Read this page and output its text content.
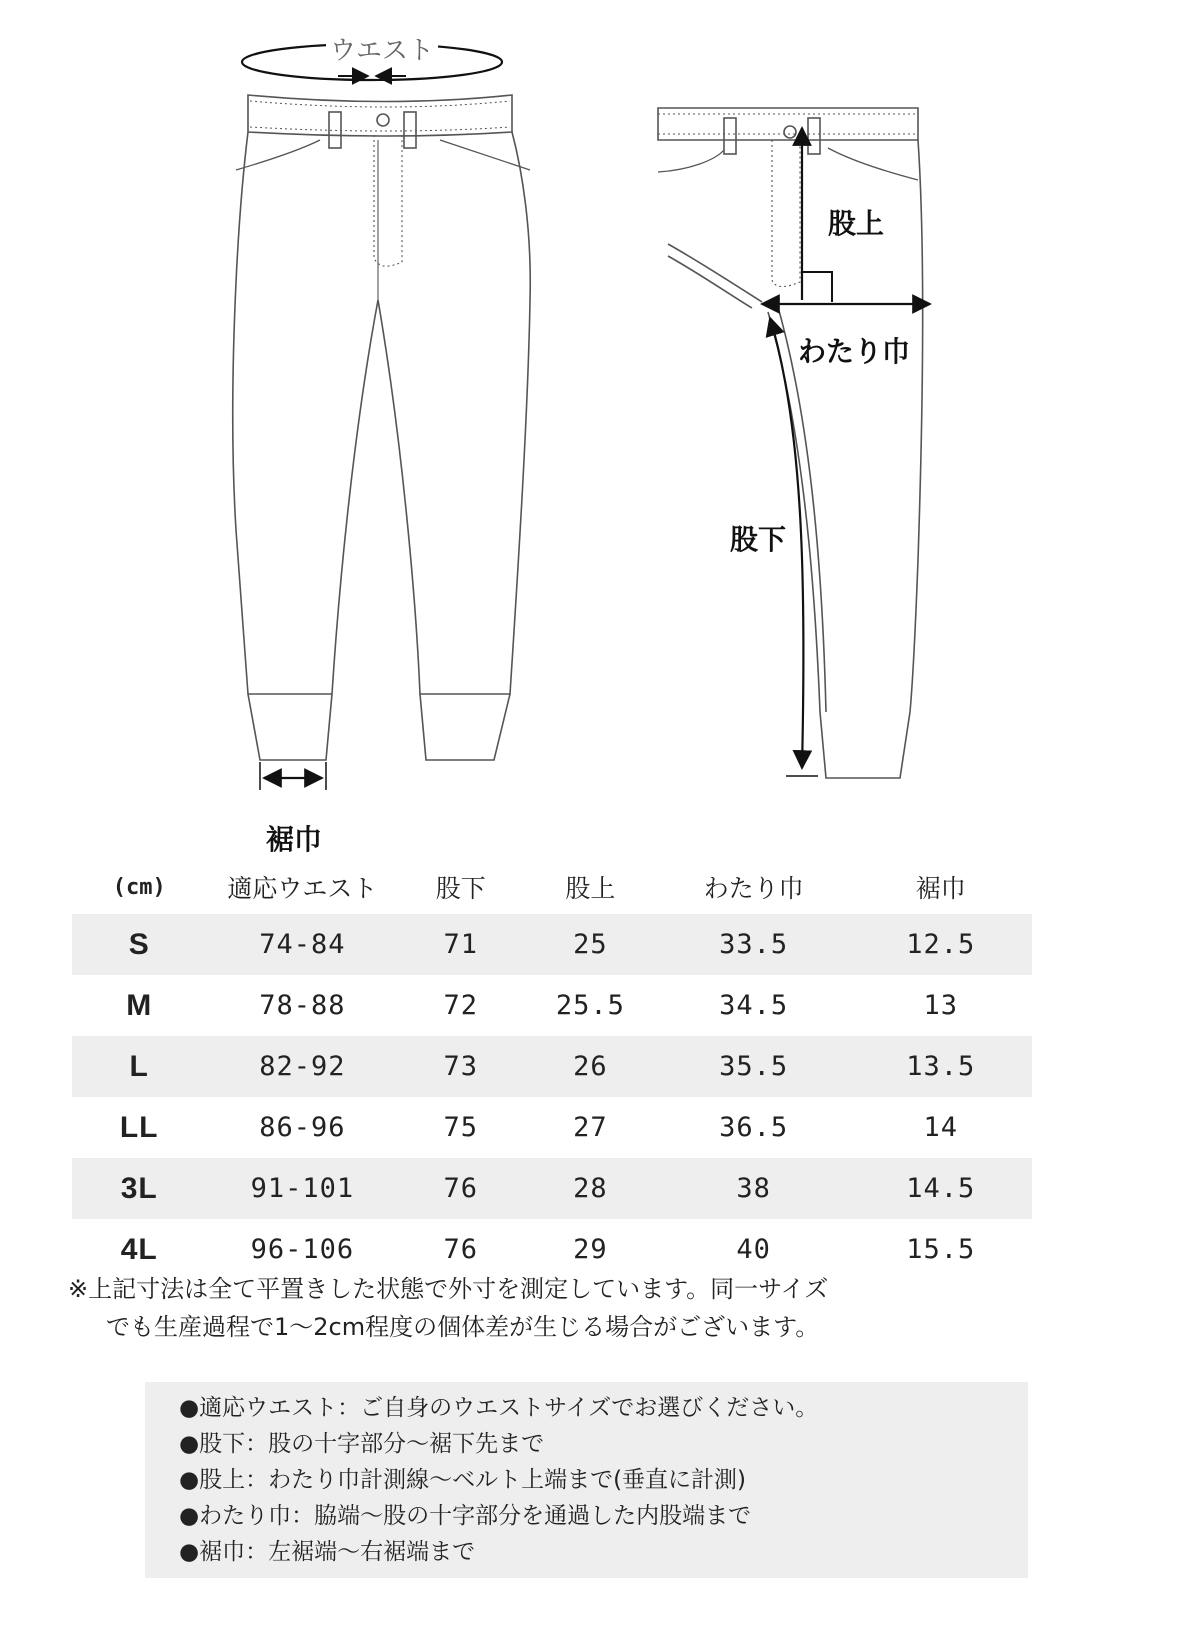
ウエスト
股上
わたり巾
股下
裾巾
(cm)	適応ウエスト	股下	股上	わたり巾	裾巾
S	74-84	71	25	33.5	12.5
M	78-88	72	25.5	34.5	13
L	82-92	73	26	35.5	13.5
LL	86-96	75	27	36.5	14
3L	91-101	76	28	38	14.5
4L	96-106	76	29	40	15.5
※上記寸法は全て平置きした状態で外寸を測定しています。同一サイズ
でも生産過程で1〜2cm程度の個体差が生じる場合がございます。
●適応ウエスト：ご自身のウエストサイズでお選びください。
●股下：股の十字部分〜裾下先まで
●股上：わたり巾計測線〜ベルト上端まで(垂直に計測)
●わたり巾：脇端〜股の十字部分を通過した内股端まで
●裾巾：左裾端〜右裾端まで
